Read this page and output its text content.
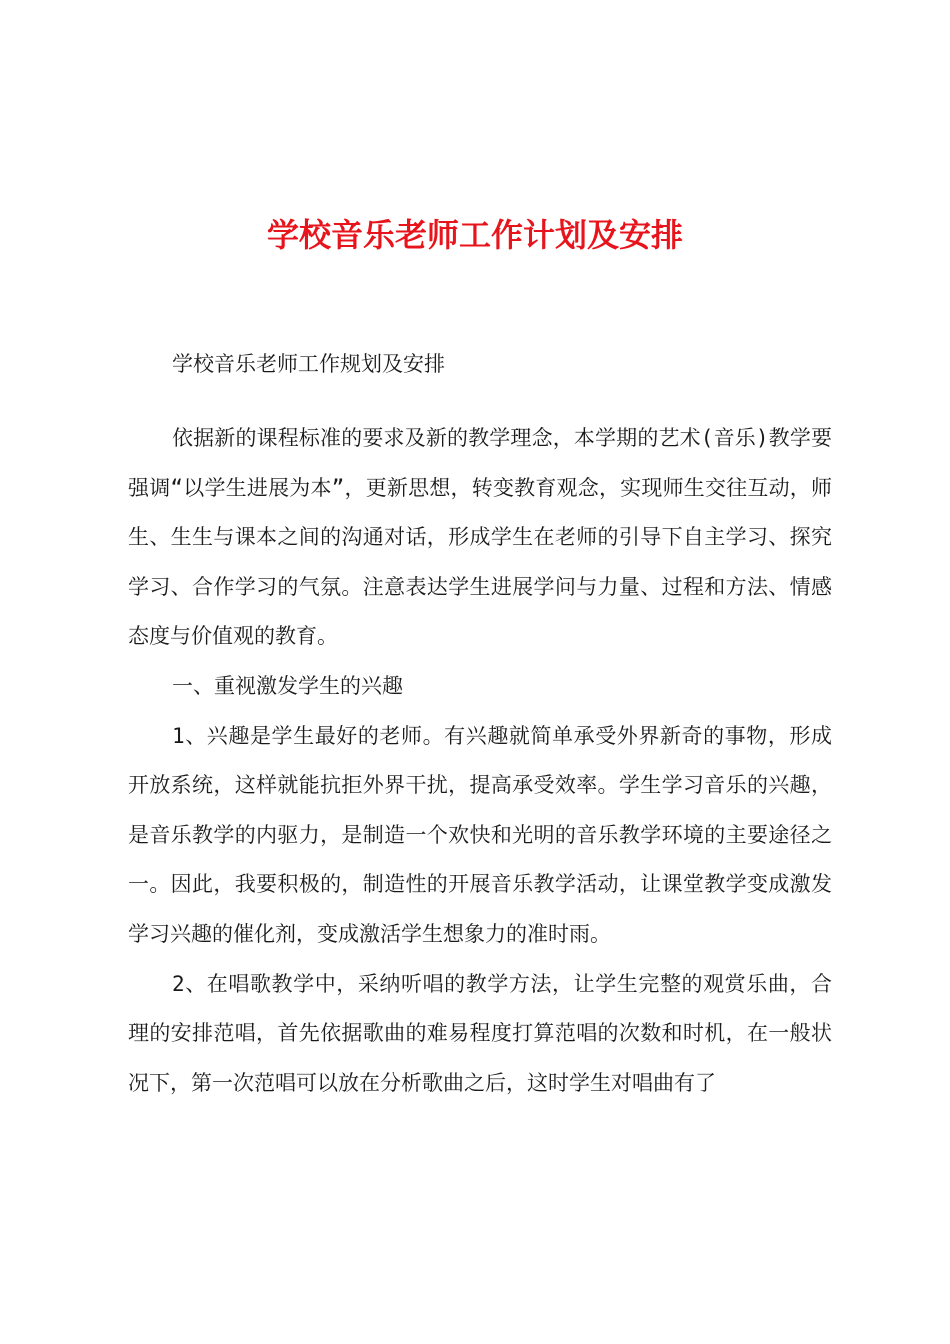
学校音乐老师工作计划及安排

学校音乐老师工作规划及安排

依据新的课程标准的要求及新的教学理念，本学期的艺术(音乐)教学要强调“以学生进展为本”，更新思想，转变教育观念，实现师生交往互动，师生、生生与课本之间的沟通对话，形成学生在老师的引导下自主学习、探究学习、合作学习的气氛。注意表达学生进展学问与力量、过程和方法、情感态度与价值观的教育。

一、重视激发学生的兴趣

1、兴趣是学生最好的老师。有兴趣就简单承受外界新奇的事物，形成开放系统，这样就能抗拒外界干扰，提高承受效率。学生学习音乐的兴趣，是音乐教学的内驱力，是制造一个欢快和光明的音乐教学环境的主要途径之一。因此，我要积极的，制造性的开展音乐教学活动，让课堂教学变成激发学习兴趣的催化剂，变成激活学生想象力的准时雨。

2、在唱歌教学中，采纳听唱的教学方法，让学生完整的观赏乐曲，合理的安排范唱，首先依据歌曲的难易程度打算范唱的次数和时机，在一般状况下，第一次范唱可以放在分析歌曲之后，这时学生对唱曲有了
